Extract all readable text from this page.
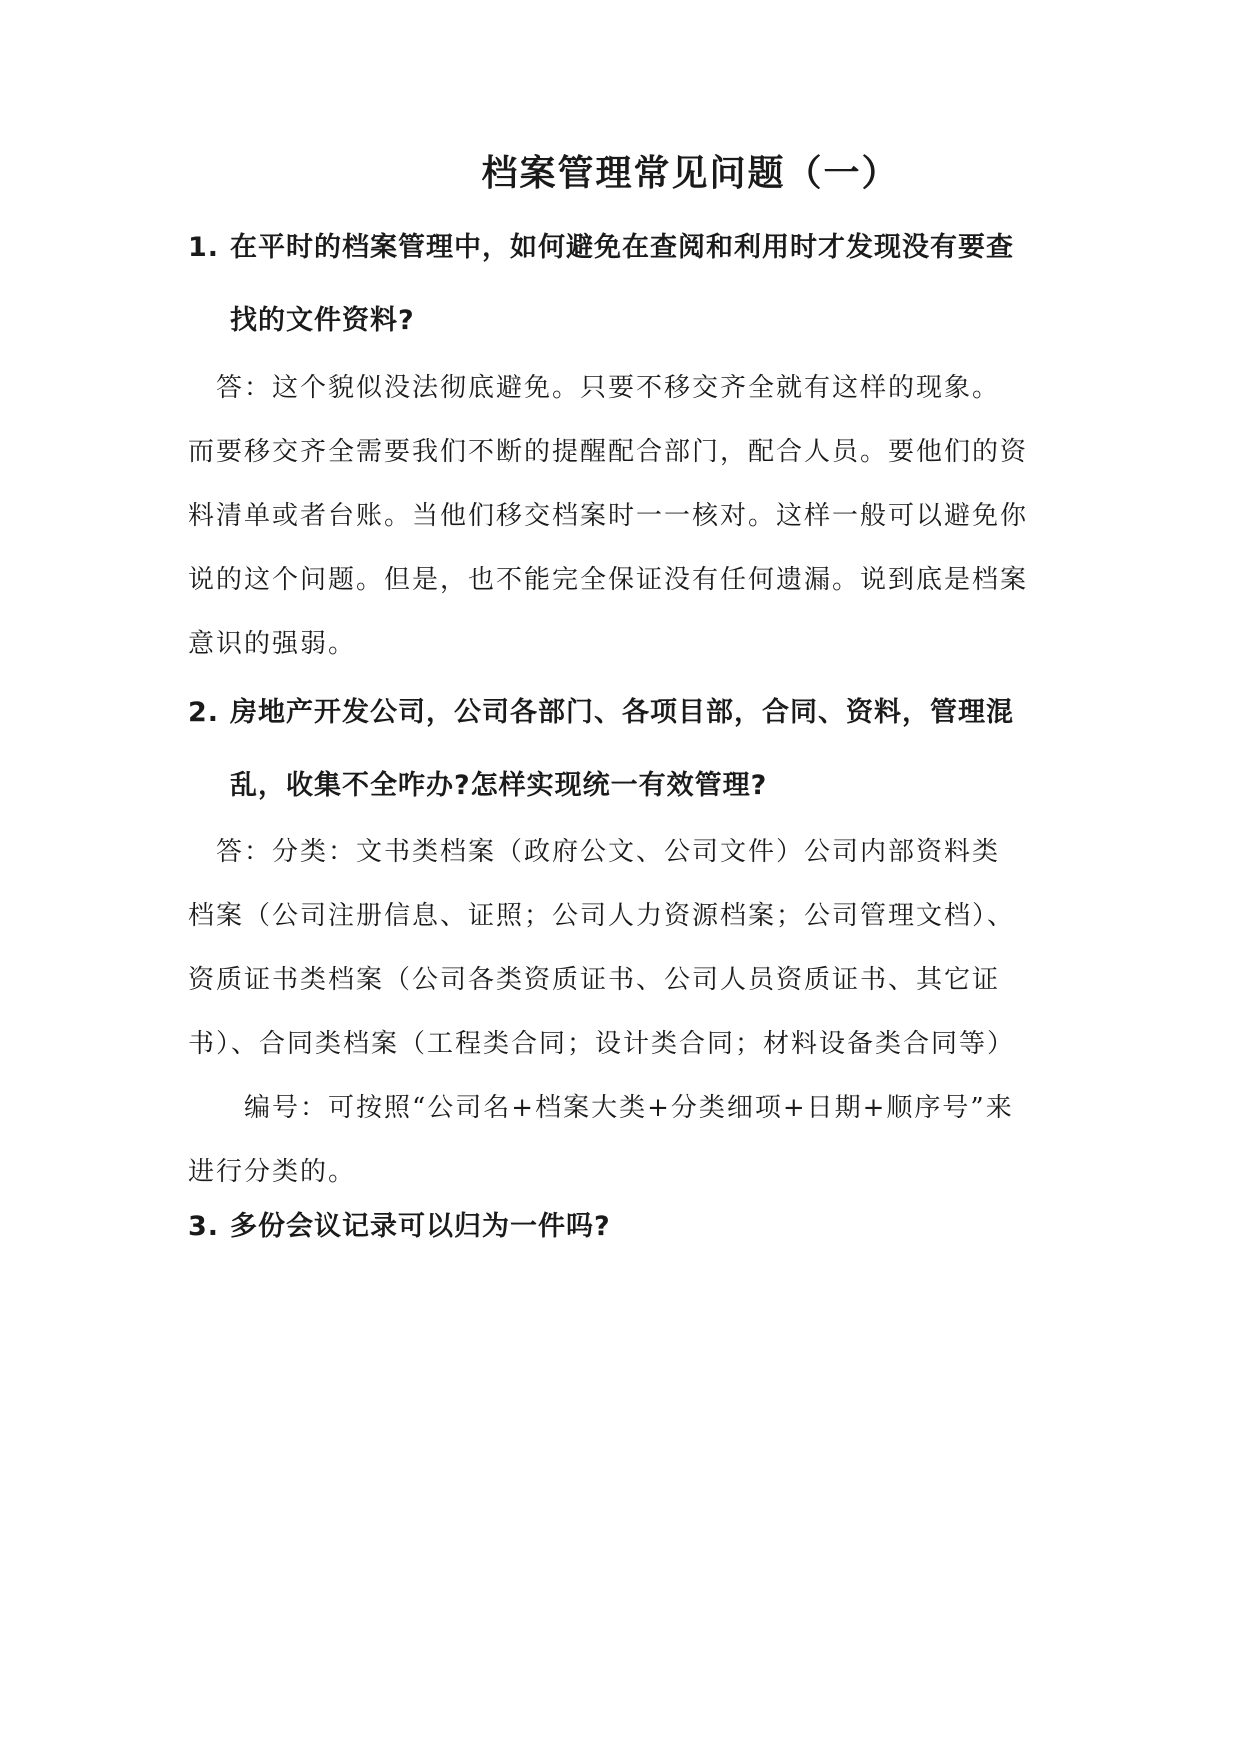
档案管理常见问题（一）
1. 在平时的档案管理中，如何避免在查阅和利用时才发现没有要查
找的文件资料?
　答：这个貌似没法彻底避免。只要不移交齐全就有这样的现象。
而要移交齐全需要我们不断的提醒配合部门，配合人员。要他们的资
料清单或者台账。当他们移交档案时一一核对。这样一般可以避免你
说的这个问题。但是，也不能完全保证没有任何遗漏。说到底是档案
意识的强弱。
2. 房地产开发公司，公司各部门、各项目部，合同、资料，管理混
乱，收集不全咋办?怎样实现统一有效管理?
　答：分类：文书类档案（政府公文、公司文件）公司内部资料类
档案（公司注册信息、证照；公司人力资源档案；公司管理文档）、
资质证书类档案（公司各类资质证书、公司人员资质证书、其它证
书）、合同类档案（工程类合同；设计类合同；材料设备类合同等）
　　编号：可按照“公司名+档案大类+分类细项+日期+顺序号”来
进行分类的。
3. 多份会议记录可以归为一件吗?
